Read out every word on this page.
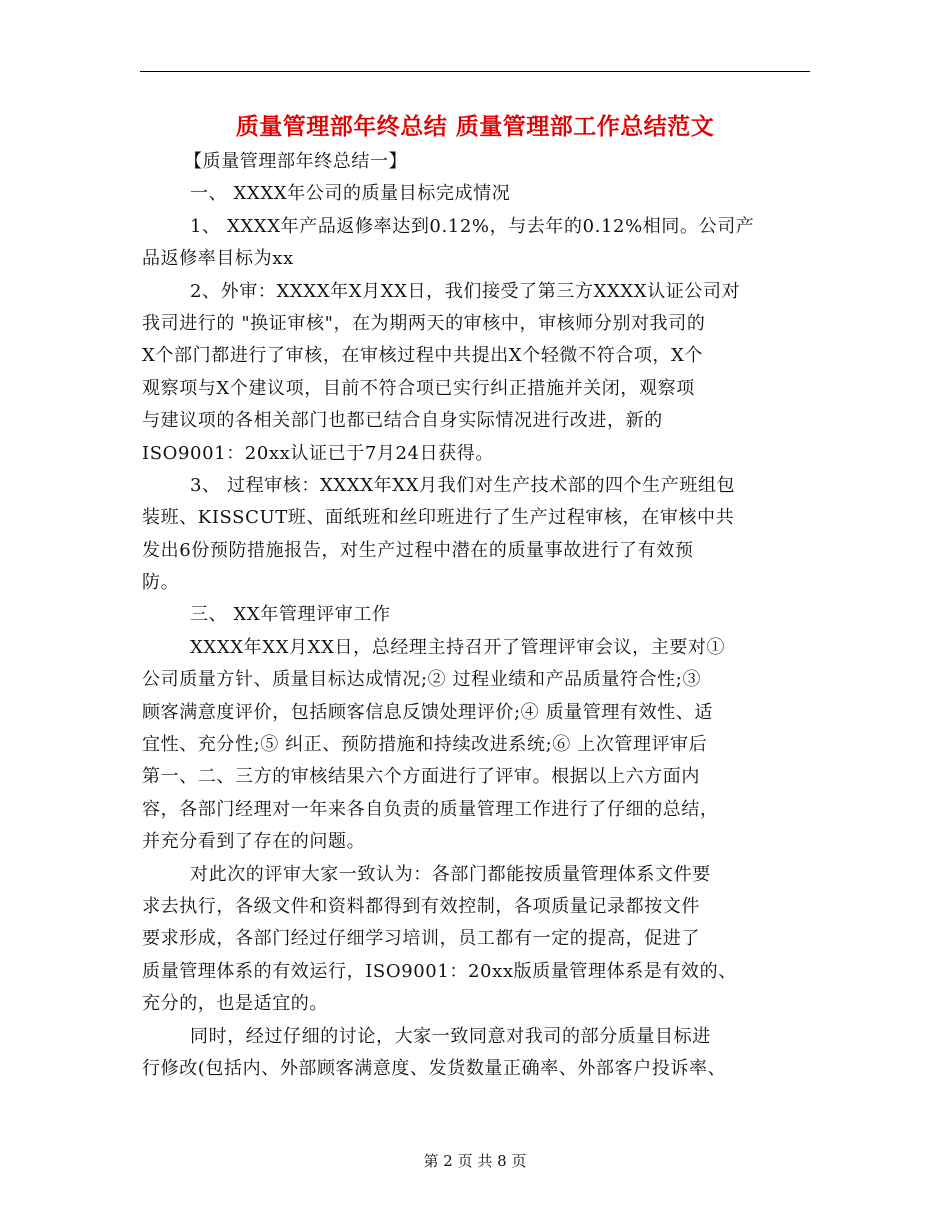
质量管理部年终总结 质量管理部工作总结范文
【质量管理部年终总结一】
一、 XXXX年公司的质量目标完成情况
1、 XXXX年产品返修率达到0.12%，与去年的0.12%相同。公司产
品返修率目标为xx
2、外审：XXXX年X月XX日，我们接受了第三方XXXX认证公司对
我司进行的 "换证审核"，在为期两天的审核中，审核师分别对我司的
X个部门都进行了审核，在审核过程中共提出X个轻微不符合项，X个
观察项与X个建议项，目前不符合项已实行纠正措施并关闭，观察项
与建议项的各相关部门也都已结合自身实际情况进行改进，新的
ISO9001：20xx认证已于7月24日获得。
3、 过程审核：XXXX年XX月我们对生产技术部的四个生产班组包
装班、KISSCUT班、面纸班和丝印班进行了生产过程审核，在审核中共
发出6份预防措施报告，对生产过程中潜在的质量事故进行了有效预
防。
三、 XX年管理评审工作
XXXX年XX月XX日，总经理主持召开了管理评审会议，主要对①
公司质量方针、质量目标达成情况;② 过程业绩和产品质量符合性;③
顾客满意度评价，包括顾客信息反馈处理评价;④ 质量管理有效性、适
宜性、充分性;⑤ 纠正、预防措施和持续改进系统;⑥ 上次管理评审后
第一、二、三方的审核结果六个方面进行了评审。根据以上六方面内
容，各部门经理对一年来各自负责的质量管理工作进行了仔细的总结，
并充分看到了存在的问题。
对此次的评审大家一致认为：各部门都能按质量管理体系文件要
求去执行，各级文件和资料都得到有效控制，各项质量记录都按文件
要求形成，各部门经过仔细学习培训，员工都有一定的提高，促进了
质量管理体系的有效运行，ISO9001：20xx版质量管理体系是有效的、
充分的，也是适宜的。
同时，经过仔细的讨论，大家一致同意对我司的部分质量目标进
行修改(包括内、外部顾客满意度、发货数量正确率、外部客户投诉率、
第 2 页 共 8 页
